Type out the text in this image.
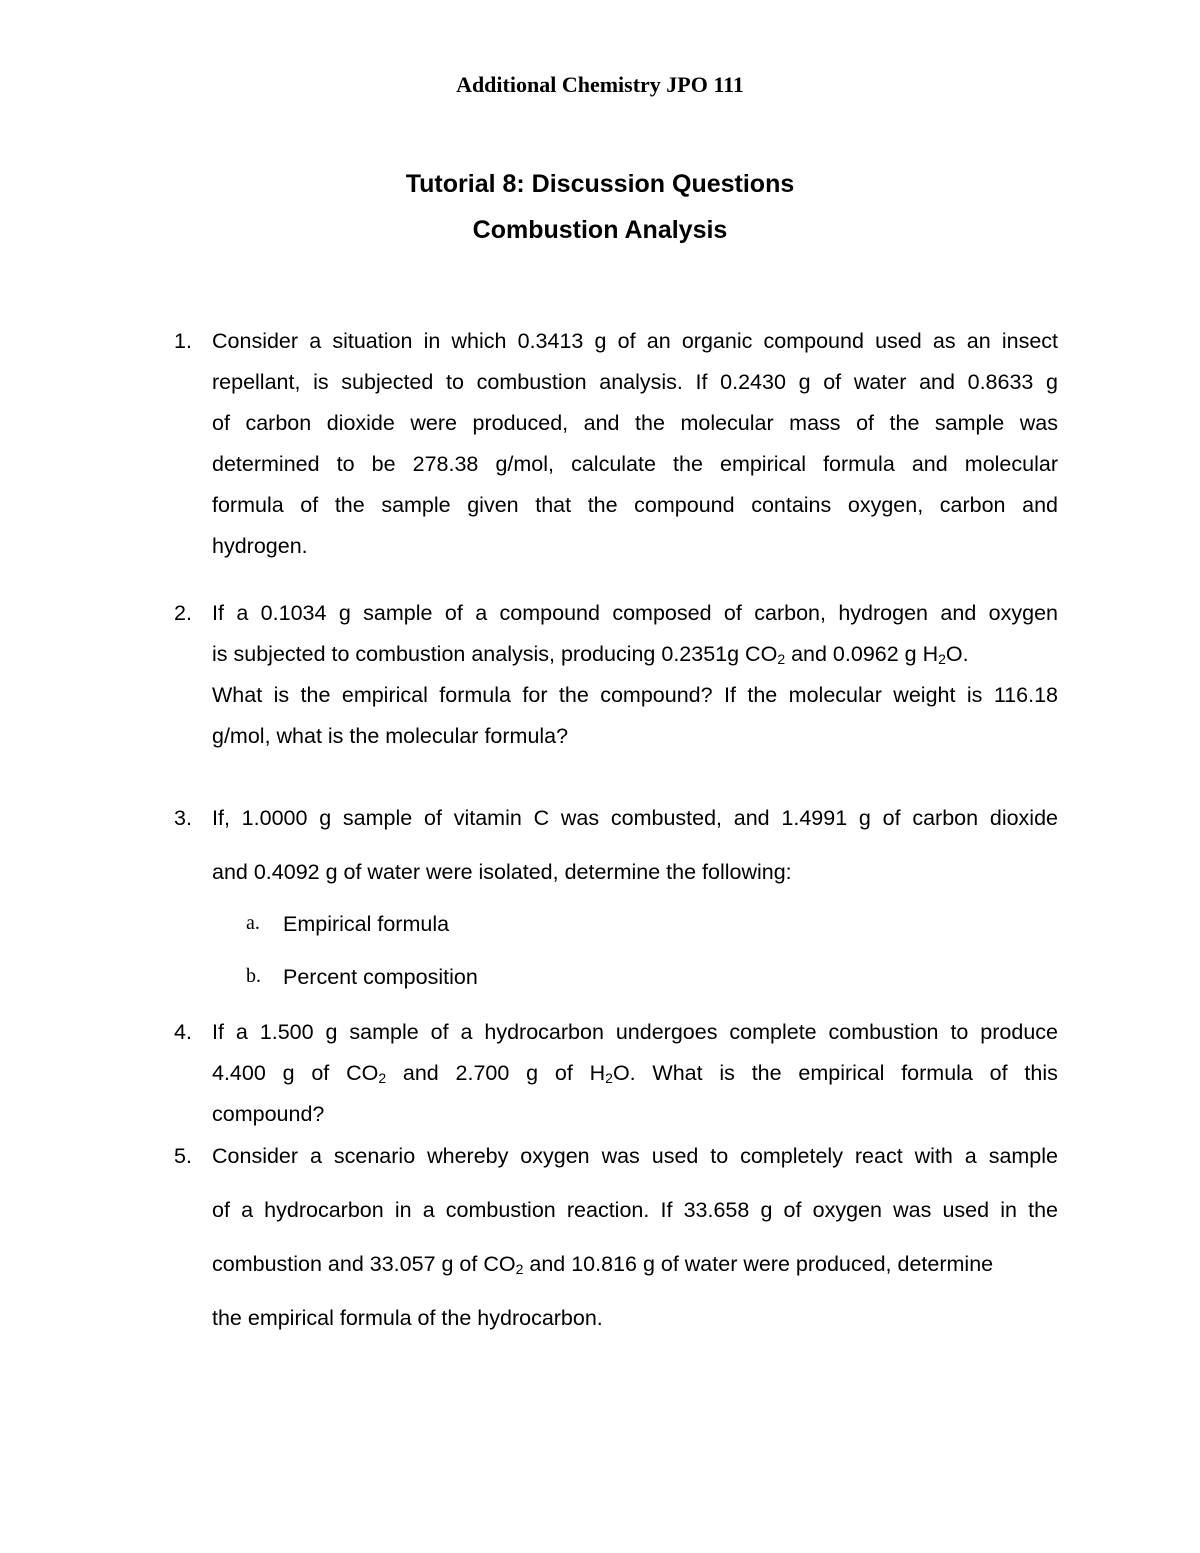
Additional Chemistry JPO 111
Tutorial 8: Discussion Questions
Combustion Analysis
1. Consider a situation in which 0.3413 g of an organic compound used as an insect
repellant, is subjected to combustion analysis. If 0.2430 g of water and 0.8633 g
of carbon dioxide were produced, and the molecular mass of the sample was
determined to be 278.38 g/mol, calculate the empirical formula and molecular
formula of the sample given that the compound contains oxygen, carbon and
hydrogen.
2. If a 0.1034 g sample of a compound composed of carbon, hydrogen and oxygen
is subjected to combustion analysis, producing 0.2351g $CO_2$ and 0.0962 g $H_2O$.
What is the empirical formula for the compound? If the molecular weight is 116.18
g/mol, what is the molecular formula?
3. If, 1.0000 g sample of vitamin C was combusted, and 1.4991 g of carbon dioxide
and 0.4092 g of water were isolated, determine the following:
a.	Empirical formula
b.	Percent composition
4. If a 1.500 g sample of a hydrocarbon undergoes complete combustion to produce
4.400 g of $CO_2$ and 2.700 g of $H_2O$. What is the empirical formula of this
compound?
5. Consider a scenario whereby oxygen was used to completely react with a sample
of a hydrocarbon in a combustion reaction. If 33.658 g of oxygen was used in the
combustion and 33.057 g of $CO_2$ and 10.816 g of water were produced, determine
the empirical formula of the hydrocarbon.
